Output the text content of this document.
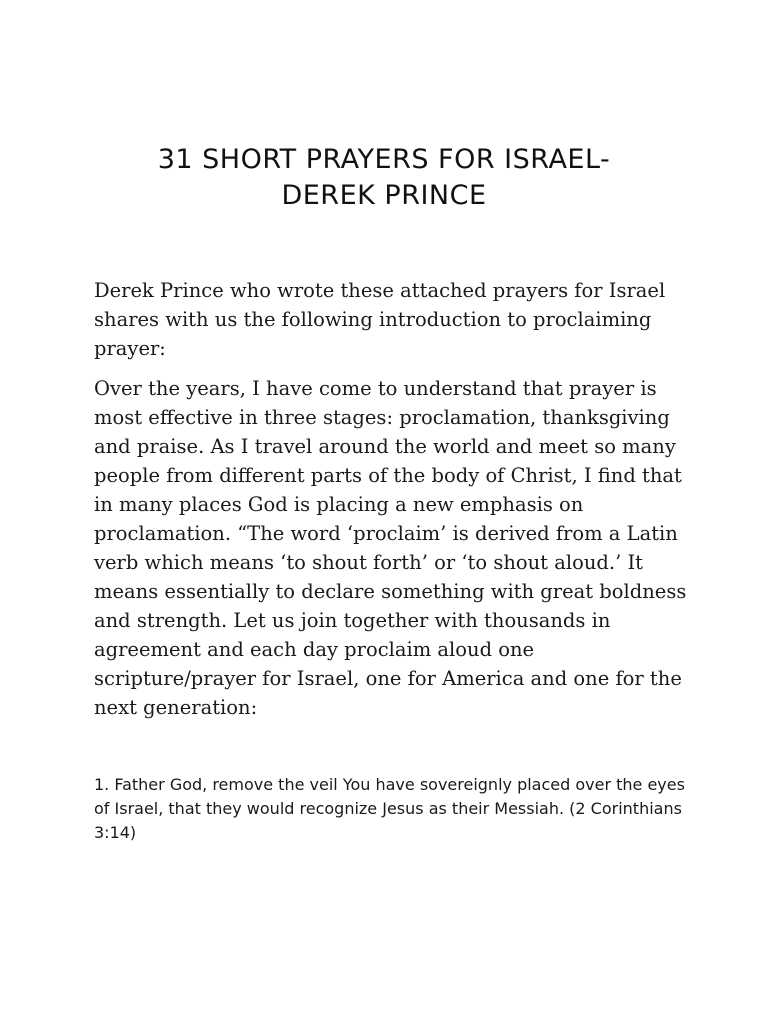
31 SHORT PRAYERS FOR ISRAEL-
DEREK PRINCE

Derek Prince who wrote these attached prayers for Israel shares with us the following introduction to proclaiming prayer:

Over the years, I have come to understand that prayer is most effective in three stages: proclamation, thanksgiving and praise. As I travel around the world and meet so many people from different parts of the body of Christ, I find that in many places God is placing a new emphasis on proclamation. “The word ‘proclaim’ is derived from a Latin verb which means ‘to shout forth’ or ‘to shout aloud.’ It means essentially to declare something with great boldness and strength. Let us join together with thousands in agreement and each day proclaim aloud one scripture/prayer for Israel, one for America and one for the next generation:

1. Father God, remove the veil You have sovereignly placed over the eyes of Israel, that they would recognize Jesus as their Messiah. (2 Corinthians 3:14)
